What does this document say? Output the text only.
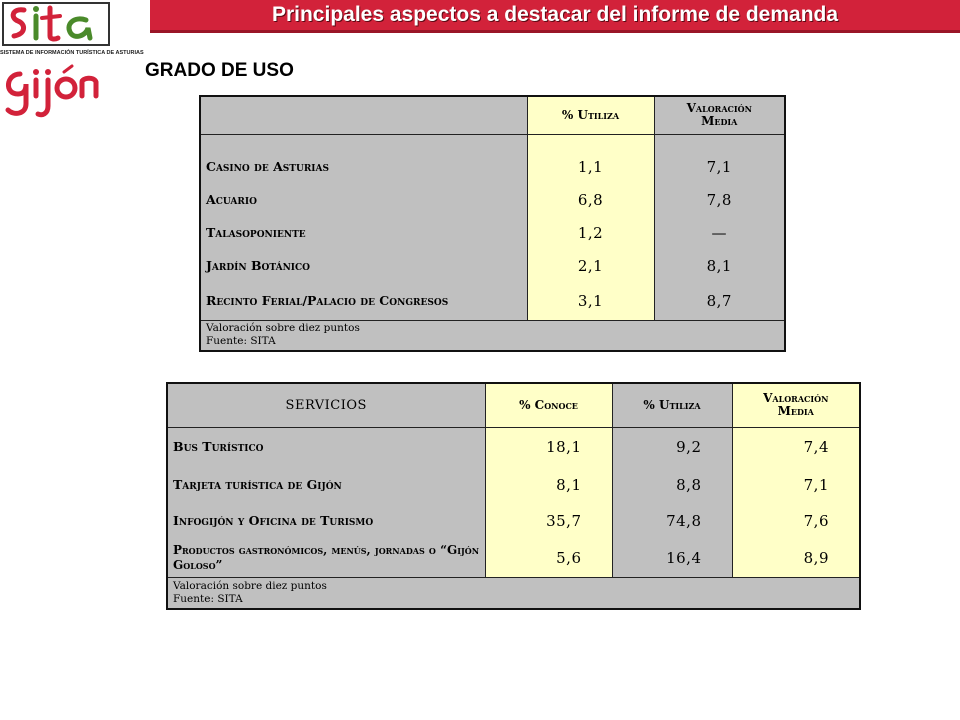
SISTEMA DE INFORMACIÓN TURÍSTICA DE ASTURIAS
Principales aspectos a destacar del informe de demanda
GRADO DE USO
	% Utiliza	Valoración
Media

Casino de Asturias	1,1	7,1
Acuario	6,8	7,8
Talasoponiente	1,2	—
Jardín Botánico	2,1	8,1
Recinto Ferial/Palacio de Congresos	3,1	8,7
Valoración sobre diez puntos
Fuente: SITA		
SERVICIOS	% Conoce	% Utiliza	Valoración
Media
Bus Turístico	18,1	9,2	7,4
Tarjeta turística de Gijón	8,1	8,8	7,1
Infogijón y Oficina de Turismo	35,7	74,8	7,6
Productos gastronómicos, menús, jornadas o “Gijón Goloso”	5,6	16,4	8,9
Valoración sobre diez puntos
Fuente: SITA			
